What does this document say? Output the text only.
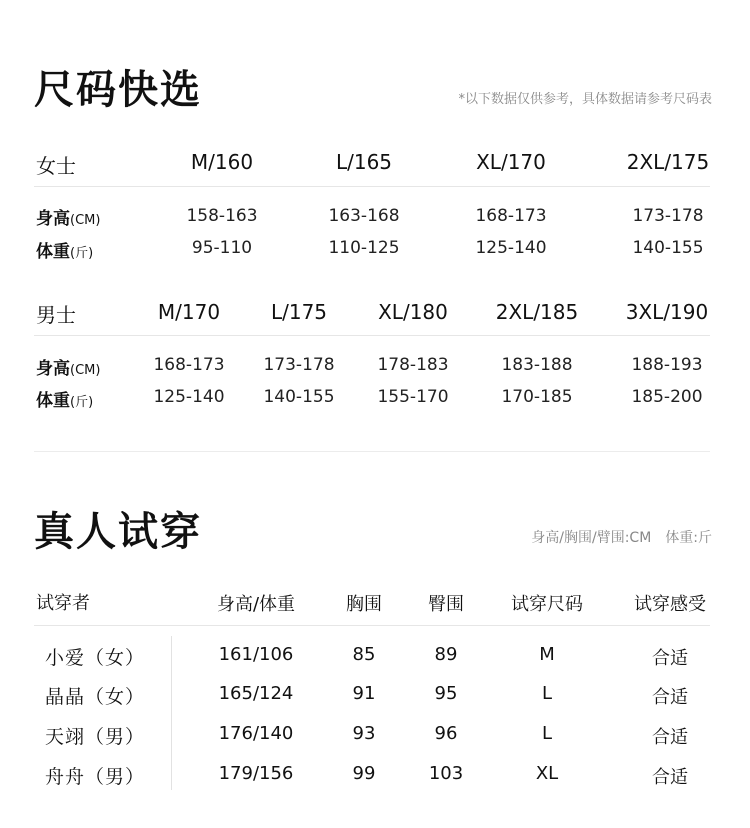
尺码快选	*以下数据仅供参考，具体数据请参考尺码表
女士	M/160	L/165	XL/170	2XL/175
身高(CM)	158-163	163-168	168-173	173-178
体重(斤)	95-110	110-125	125-140	140-155
男士	M/170	L/175	XL/180	2XL/185	3XL/190
身高(CM)	168-173	173-178	178-183	183-188	188-193
体重(斤)	125-140	140-155	155-170	170-185	185-200
真人试穿	身高/胸围/臂围:CM　体重:斤
试穿者	身高/体重	胸围	臀围	试穿尺码	试穿感受
小爱（女）	161/106	85	89	M	合适
晶晶（女）	165/124	91	95	L	合适
天翊（男）	176/140	93	96	L	合适
舟舟（男）	179/156	99	103	XL	合适
